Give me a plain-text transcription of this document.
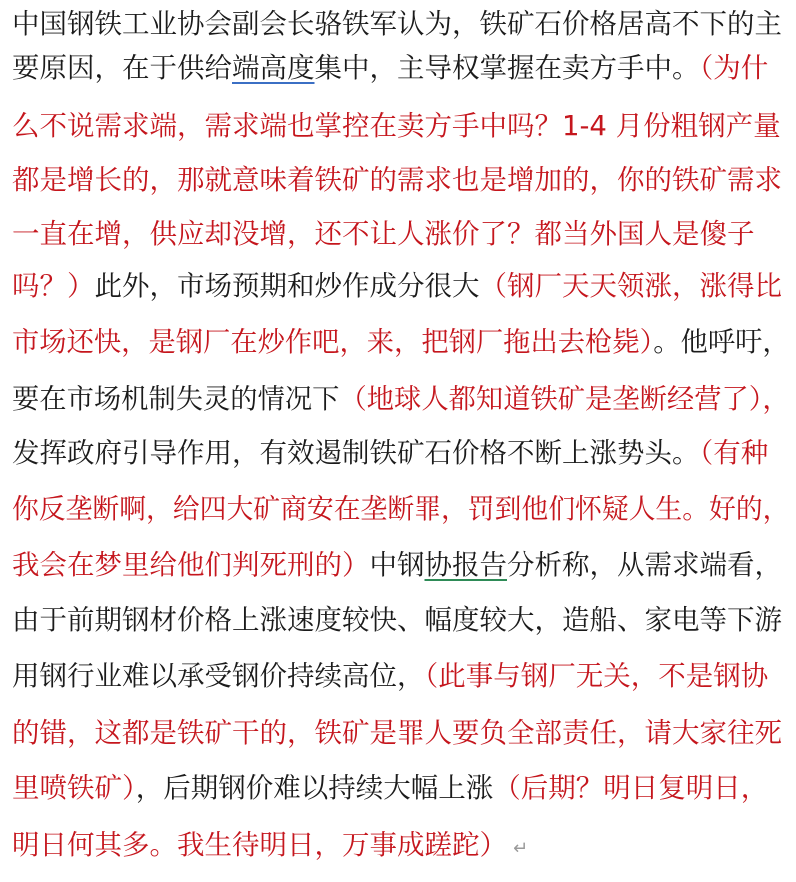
中国钢铁工业协会副会长骆铁军认为，铁矿石价格居高不下的主
要原因，在于供给端高度集中，主导权掌握在卖方手中。（为什
么不说需求端，需求端也掌控在卖方手中吗？1-4 月份粗钢产量
都是增长的，那就意味着铁矿的需求也是增加的，你的铁矿需求
一直在增，供应却没增，还不让人涨价了？都当外国人是傻子
吗？）此外，市场预期和炒作成分很大（钢厂天天领涨，涨得比
市场还快，是钢厂在炒作吧，来，把钢厂拖出去枪毙）。他呼吁，
要在市场机制失灵的情况下（地球人都知道铁矿是垄断经营了），
发挥政府引导作用，有效遏制铁矿石价格不断上涨势头。（有种
你反垄断啊，给四大矿商安在垄断罪，罚到他们怀疑人生。好的，
我会在梦里给他们判死刑的）中钢协报告分析称，从需求端看，
由于前期钢材价格上涨速度较快、幅度较大，造船、家电等下游
用钢行业难以承受钢价持续高位，（此事与钢厂无关，不是钢协
的错，这都是铁矿干的，铁矿是罪人要负全部责任，请大家往死
里喷铁矿），后期钢价难以持续大幅上涨（后期？明日复明日，
明日何其多。我生待明日，万事成蹉跎） ↵
